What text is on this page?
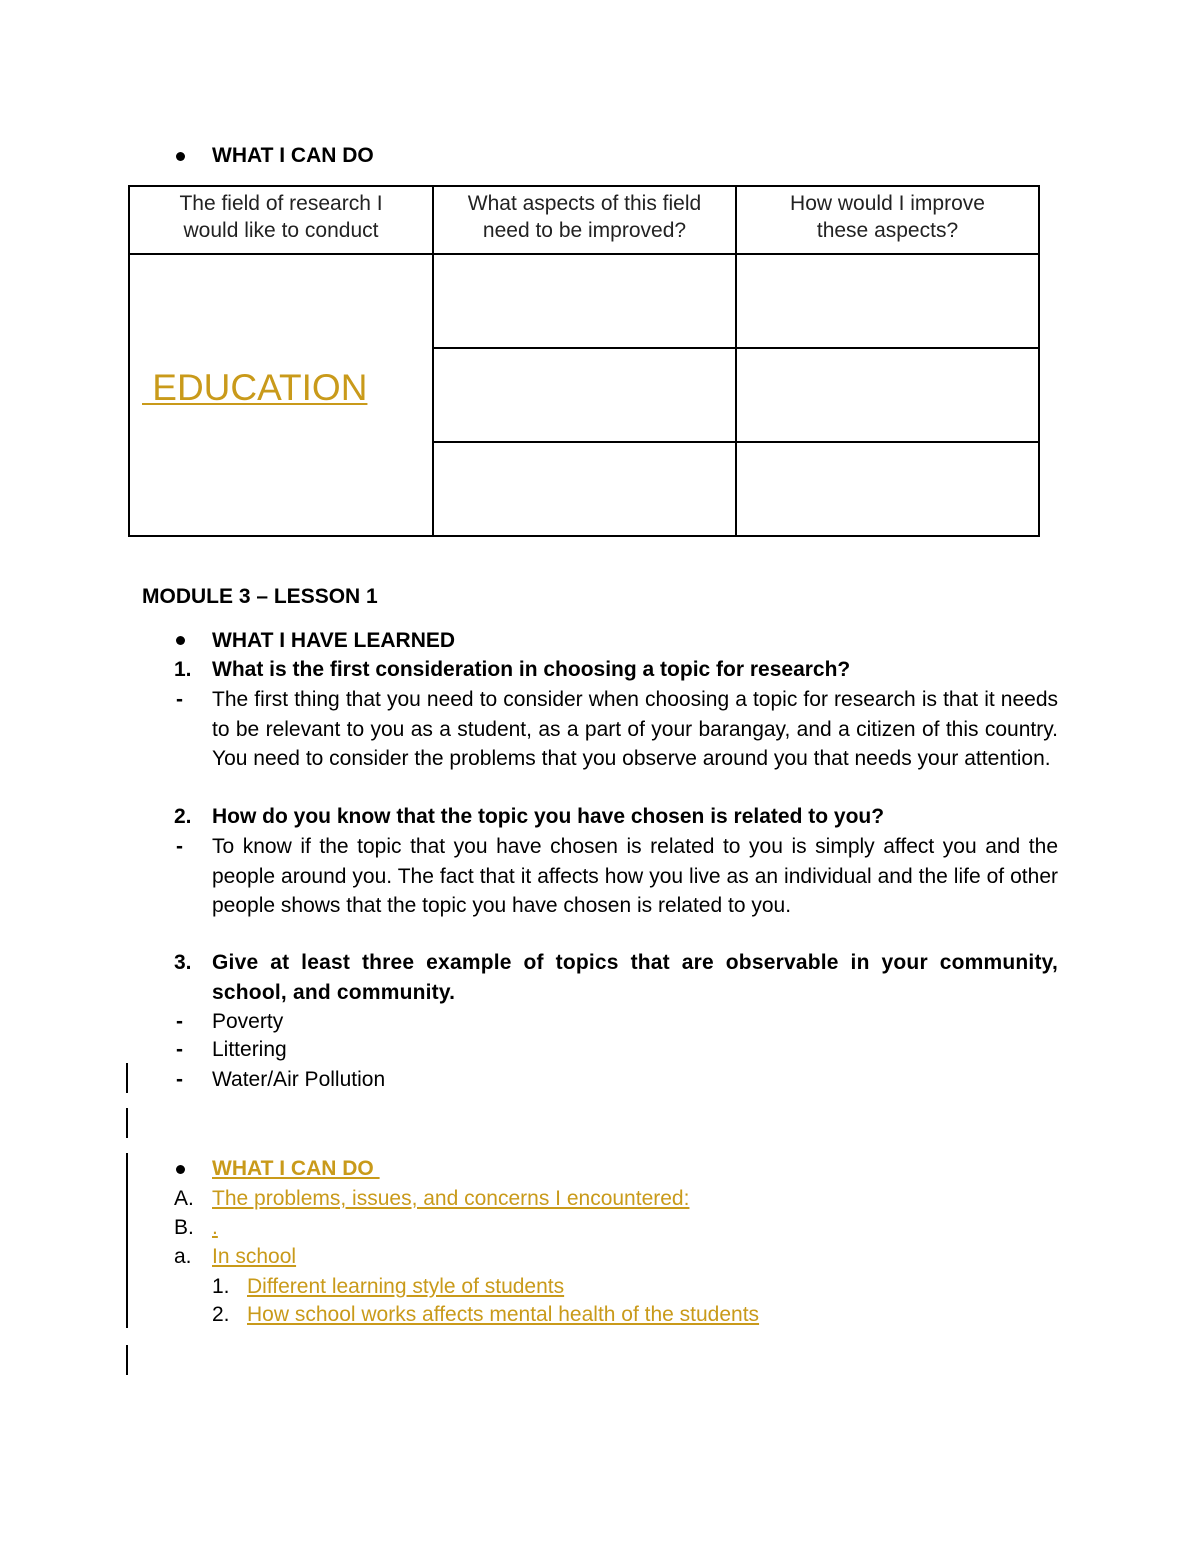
WHAT I CAN DO
The field of research I would like to conduct
What aspects of this field need to be improved?
How would I improve these aspects?
EDUCATION
MODULE 3 – LESSON 1
WHAT I HAVE LEARNED
1. What is the first consideration in choosing a topic for research?
- The first thing that you need to consider when choosing a topic for research is that it needs to be relevant to you as a student, as a part of your barangay, and a citizen of this country. You need to consider the problems that you observe around you that needs your attention.
2. How do you know that the topic you have chosen is related to you?
- To know if the topic that you have chosen is related to you is simply affect you and the people around you. The fact that it affects how you live as an individual and the life of other people shows that the topic you have chosen is related to you.
3. Give at least three example of topics that are observable in your community, school, and community.
- Poverty
- Littering
- Water/Air Pollution
WHAT I CAN DO
A. The problems, issues, and concerns I encountered:
B. .
a. In school
1. Different learning style of students
2. How school works affects mental health of the students
